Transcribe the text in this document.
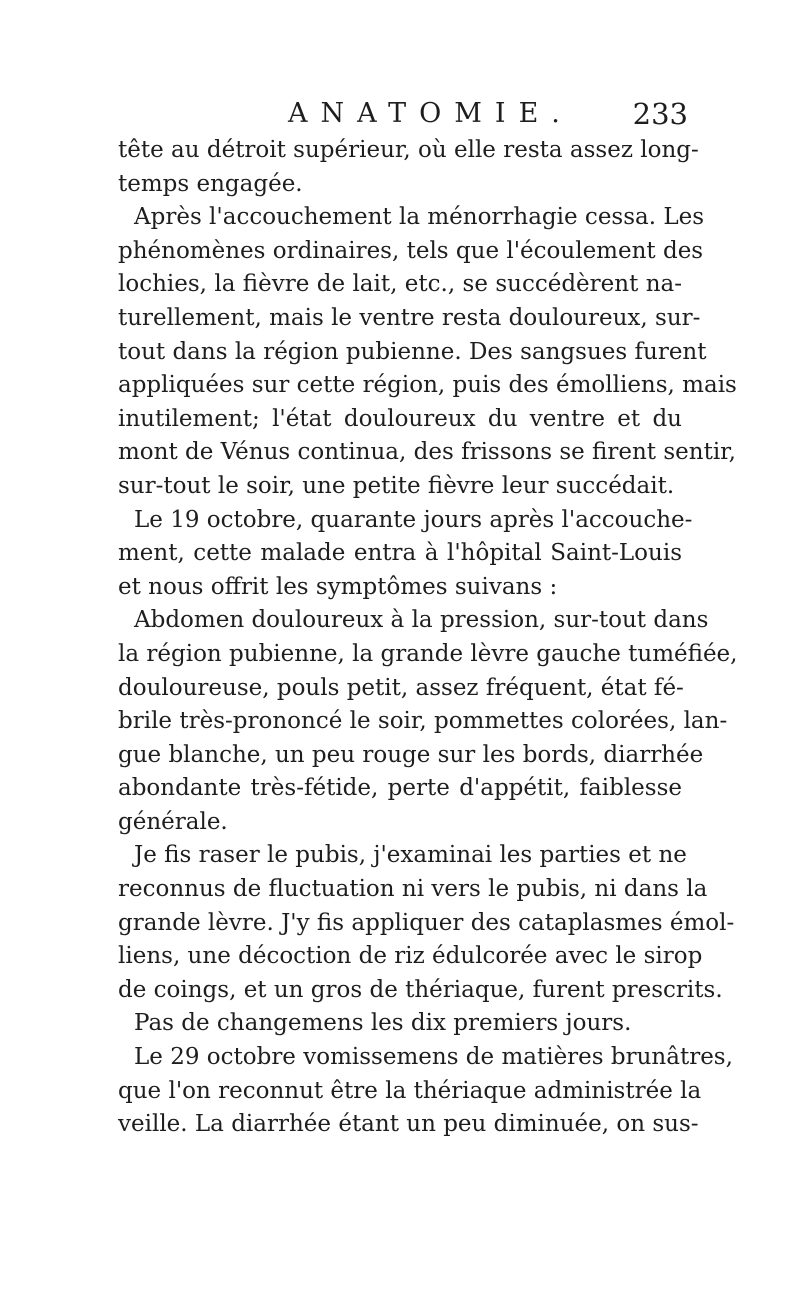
ANATOMIE. 233
tête au détroit supérieur, où elle resta assez long-
temps engagée.
Après l'accouchement la ménorrhagie cessa. Les
phénomènes ordinaires, tels que l'écoulement des
lochies, la fièvre de lait, etc., se succédèrent na-
turellement, mais le ventre resta douloureux, sur-
tout dans la région pubienne. Des sangsues furent
appliquées sur cette région, puis des émolliens, mais
inutilement; l'état douloureux du ventre et du
mont de Vénus continua, des frissons se firent sentir,
sur-tout le soir, une petite fièvre leur succédait.
Le 19 octobre, quarante jours après l'accouche-
ment, cette malade entra à l'hôpital Saint-Louis
et nous offrit les symptômes suivans :
Abdomen douloureux à la pression, sur-tout dans
la région pubienne, la grande lèvre gauche tuméfiée,
douloureuse, pouls petit, assez fréquent, état fé-
brile très-prononcé le soir, pommettes colorées, lan-
gue blanche, un peu rouge sur les bords, diarrhée
abondante très-fétide, perte d'appétit, faiblesse
générale.
Je fis raser le pubis, j'examinai les parties et ne
reconnus de fluctuation ni vers le pubis, ni dans la
grande lèvre. J'y fis appliquer des cataplasmes émol-
liens, une décoction de riz édulcorée avec le sirop
de coings, et un gros de thériaque, furent prescrits.
Pas de changemens les dix premiers jours.
Le 29 octobre vomissemens de matières brunâtres,
que l'on reconnut être la thériaque administrée la
veille. La diarrhée étant un peu diminuée, on sus-
